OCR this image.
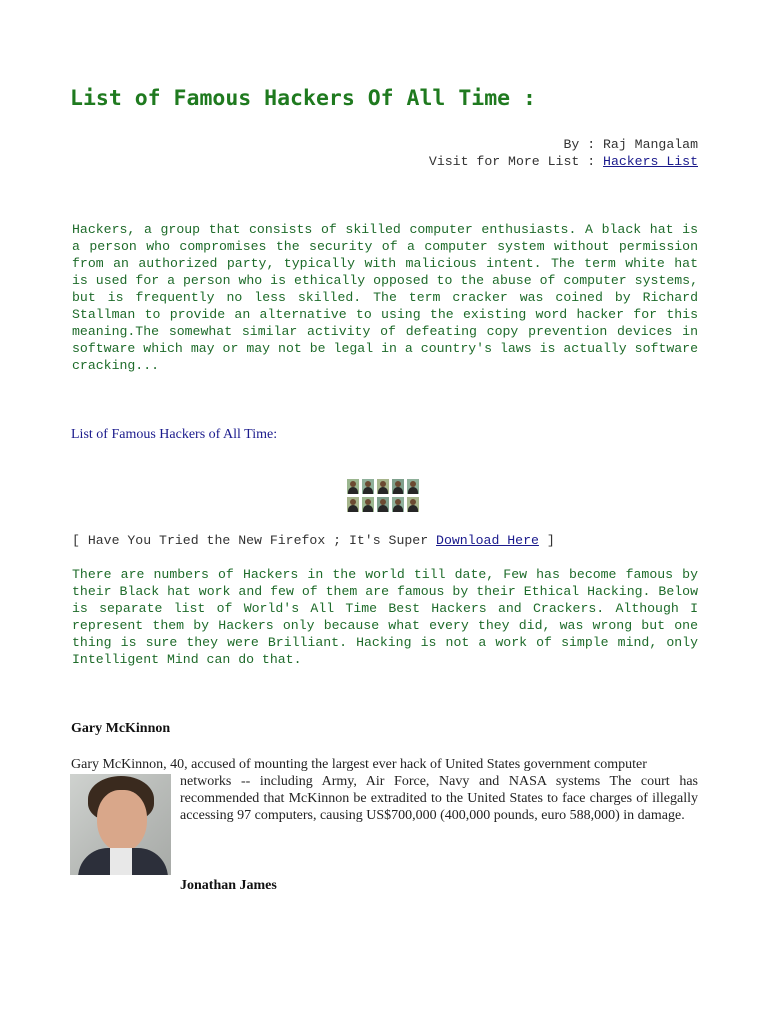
List of Famous Hackers Of All Time :
By : Raj Mangalam
Visit for More List : Hackers List

Hackers, a group that consists of skilled computer enthusiasts. A black hat is a person who compromises the security of a computer system without permission from an authorized party, typically with malicious intent. The term white hat is used for a person who is ethically opposed to the abuse of computer systems, but is frequently no less skilled. The term cracker was coined by Richard Stallman to provide an alternative to using the existing word hacker for this meaning.The somewhat similar activity of defeating copy prevention devices in software which may or may not be legal in a country's laws is actually software cracking...

List of Famous Hackers of All Time:

[ Have You Tried the New Firefox ; It's Super Download Here ]

There are numbers of Hackers in the world till date, Few has become famous by their Black hat work and few of them are famous by their Ethical Hacking. Below is separate list of World's All Time Best Hackers and Crackers. Although I represent them by Hackers only because what every they did, was wrong but one thing is sure they were Brilliant. Hacking is not a work of simple mind, only Intelligent Mind can do that.

Gary McKinnon

Gary McKinnon, 40, accused of mounting the largest ever hack of United States government computer

networks -- including Army, Air Force, Navy and NASA systems The court has recommended that McKinnon be extradited to the United States to face charges of illegally accessing 97 computers, causing US$700,000 (400,000 pounds, euro 588,000) in damage.

Jonathan James
